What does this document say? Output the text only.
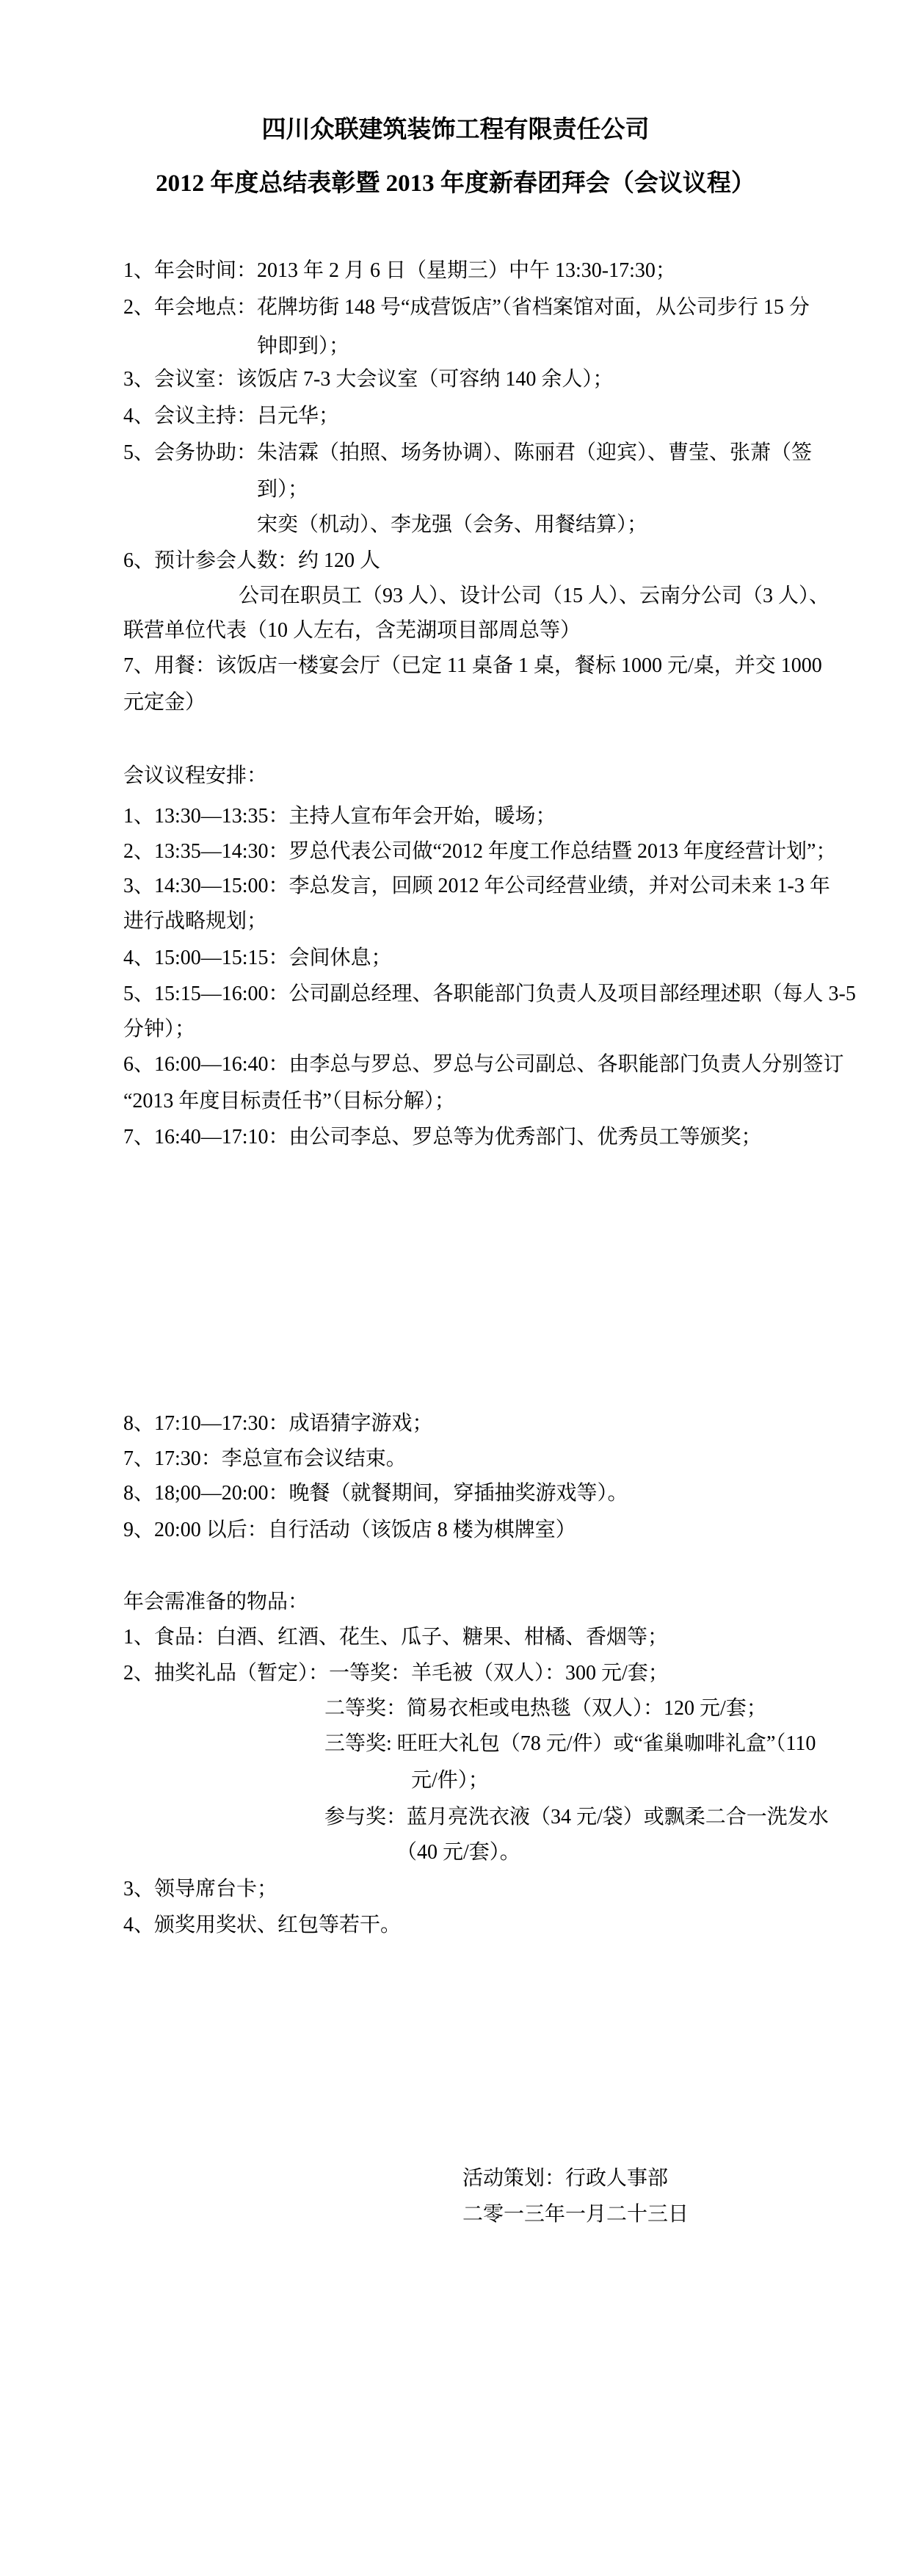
四川众联建筑装饰工程有限责任公司
2012 年度总结表彰暨 2013 年度新春团拜会（会议议程）
1、年会时间：2013 年 2 月 6 日（星期三）中午 13:30-17:30；
2、年会地点：花牌坊街 148 号“成营饭店”（省档案馆对面，从公司步行 15 分
钟即到）；
3、会议室：该饭店 7-3 大会议室（可容纳 140 余人）；
4、会议主持：吕元华；
5、会务协助：朱洁霖（拍照、场务协调）、陈丽君（迎宾）、曹莹、张萧（签
到）；
宋奕（机动）、李龙强（会务、用餐结算）；
6、预计参会人数：约 120 人
公司在职员工（93 人）、设计公司（15 人）、云南分公司（3 人）、
联营单位代表（10 人左右，含芜湖项目部周总等）
7、用餐：该饭店一楼宴会厅（已定 11 桌备 1 桌，餐标 1000 元/桌，并交 1000
元定金）
会议议程安排：
1、13:30—13:35：主持人宣布年会开始，暖场；
2、13:35—14:30：罗总代表公司做“2012 年度工作总结暨 2013 年度经营计划”；
3、14:30—15:00：李总发言，回顾 2012 年公司经营业绩，并对公司未来 1-3 年
进行战略规划；
4、15:00—15:15：会间休息；
5、15:15—16:00：公司副总经理、各职能部门负责人及项目部经理述职（每人 3-5
分钟）；
6、16:00—16:40：由李总与罗总、罗总与公司副总、各职能部门负责人分别签订
“2013 年度目标责任书”（目标分解）；
7、16:40—17:10：由公司李总、罗总等为优秀部门、优秀员工等颁奖；
8、17:10—17:30：成语猜字游戏；
7、17:30：李总宣布会议结束。
8、18;00—20:00：晚餐（就餐期间，穿插抽奖游戏等）。
9、20:00 以后：自行活动（该饭店 8 楼为棋牌室）
年会需准备的物品：
1、食品：白酒、红酒、花生、瓜子、糖果、柑橘、香烟等；
2、抽奖礼品（暂定）：一等奖：羊毛被（双人）：300 元/套；
二等奖：简易衣柜或电热毯（双人）：120 元/套；
三等奖: 旺旺大礼包（78 元/件）或“雀巢咖啡礼盒”（110
元/件）；
参与奖：蓝月亮洗衣液（34 元/袋）或飘柔二合一洗发水
（40 元/套）。
3、领导席台卡；
4、颁奖用奖状、红包等若干。
活动策划：行政人事部
二零一三年一月二十三日
